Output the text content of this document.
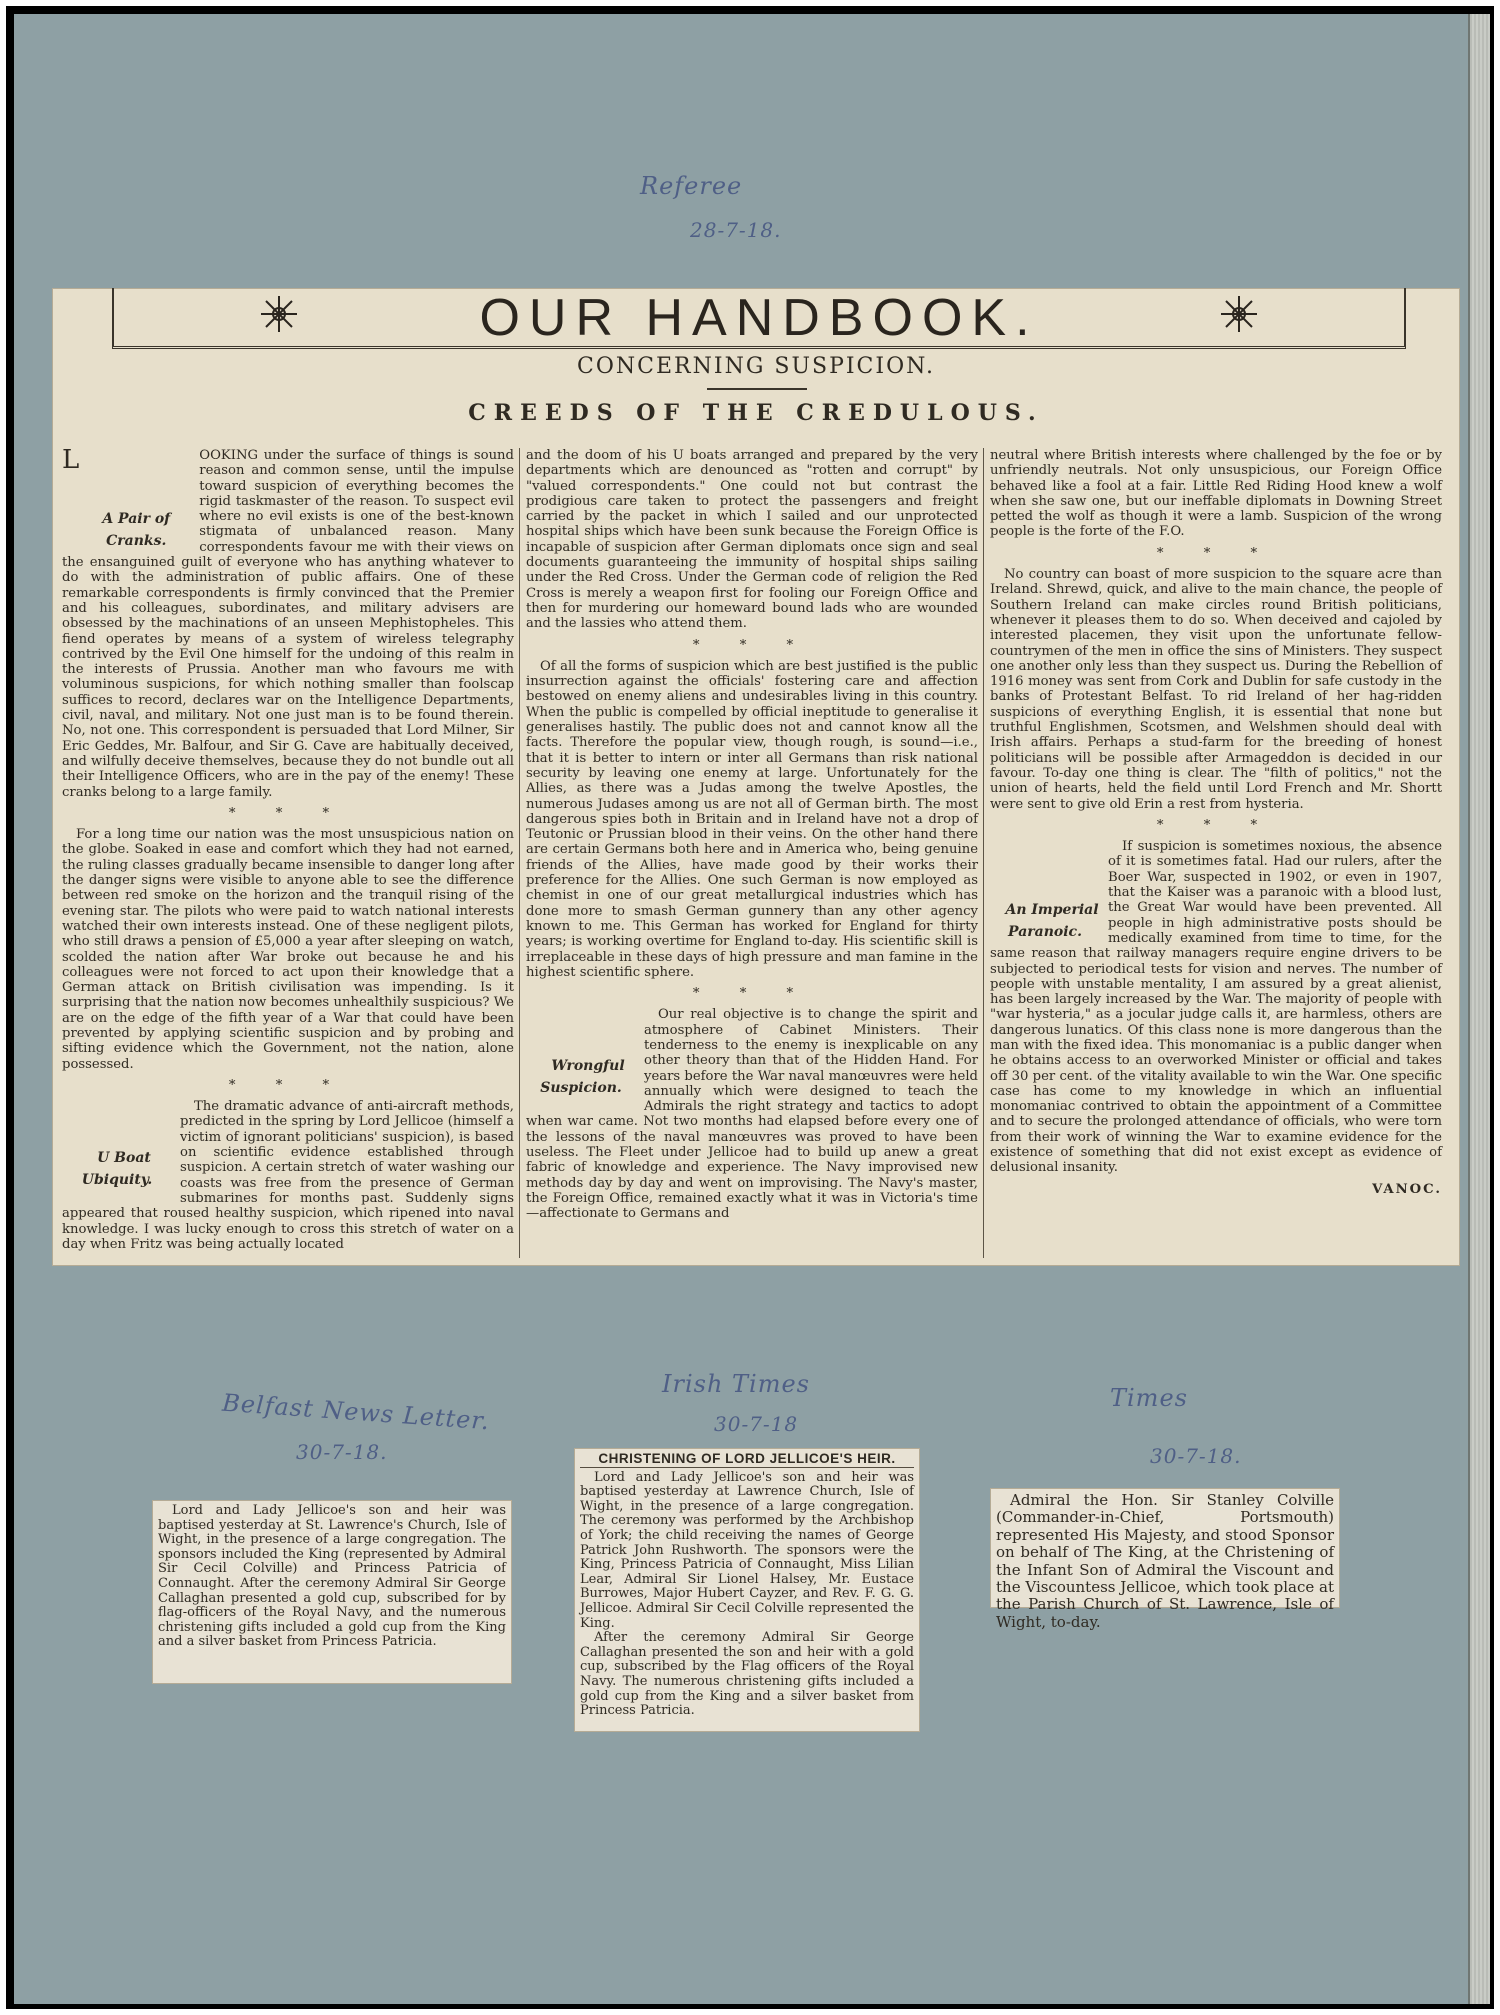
Referee
28-7-18.
Belfast News Letter.
30-7-18.
Irish Times
30-7-18
Times
30-7-18.
OUR HANDBOOK.
CONCERNING SUSPICION.
CREEDS OF THE CREDULOUS.

L
A Pair of Cranks.
OOKING under the surface of things is sound reason and common sense, until the impulse toward suspicion of everything becomes the rigid taskmaster of the reason. To suspect evil where no evil exists is one of the best-known stigmata of unbalanced reason. Many correspondents favour me with their views on the ensanguined guilt of everyone who has anything whatever to do with the administration of public affairs. One of these remarkable correspondents is firmly convinced that the Premier and his colleagues, subordinates, and military advisers are obsessed by the machinations of an unseen Mephistopheles. This fiend operates by means of a system of wireless telegraphy contrived by the Evil One himself for the undoing of this realm in the interests of Prussia. Another man who favours me with voluminous suspicions, for which nothing smaller than foolscap suffices to record, declares war on the Intelligence Departments, civil, naval, and military. Not one just man is to be found therein. No, not one. This correspondent is persuaded that Lord Milner, Sir Eric Geddes, Mr. Balfour, and Sir G. Cave are habitually deceived, and wilfully deceive themselves, because they do not bundle out all their Intelligence Officers, who are in the pay of the enemy! These cranks belong to a large family.

* * *

For a long time our nation was the most unsuspicious nation on the globe. Soaked in ease and comfort which they had not earned, the ruling classes gradually became insensible to danger long after the danger signs were visible to anyone able to see the difference between red smoke on the horizon and the tranquil rising of the evening star. The pilots who were paid to watch national interests watched their own interests instead. One of these negligent pilots, who still draws a pension of £5,000 a year after sleeping on watch, scolded the nation after War broke out because he and his colleagues were not forced to act upon their knowledge that a German attack on British civilisation was impending. Is it surprising that the nation now becomes unhealthily suspicious? We are on the edge of the fifth year of a War that could have been prevented by applying scientific suspicion and by probing and sifting evidence which the Government, not the nation, alone possessed.

* * *

U Boat Ubiquity.
The dramatic advance of anti-aircraft methods, predicted in the spring by Lord Jellicoe (himself a victim of ignorant politicians' suspicion), is based on scientific evidence established through suspicion. A certain stretch of water washing our coasts was free from the presence of German submarines for months past. Suddenly signs appeared that roused healthy suspicion, which ripened into naval knowledge. I was lucky enough to cross this stretch of water on a day when Fritz was being actually located

and the doom of his U boats arranged and prepared by the very departments which are denounced as "rotten and corrupt" by "valued correspondents." One could not but contrast the prodigious care taken to protect the passengers and freight carried by the packet in which I sailed and our unprotected hospital ships which have been sunk because the Foreign Office is incapable of suspicion after German diplomats once sign and seal documents guaranteeing the immunity of hospital ships sailing under the Red Cross. Under the German code of religion the Red Cross is merely a weapon first for fooling our Foreign Office and then for murdering our homeward bound lads who are wounded and the lassies who attend them.

* * *

Of all the forms of suspicion which are best justified is the public insurrection against the officials' fostering care and affection bestowed on enemy aliens and undesirables living in this country. When the public is compelled by official ineptitude to generalise it generalises hastily. The public does not and cannot know all the facts. Therefore the popular view, though rough, is sound—i.e., that it is better to intern or inter all Germans than risk national security by leaving one enemy at large. Unfortunately for the Allies, as there was a Judas among the twelve Apostles, the numerous Judases among us are not all of German birth. The most dangerous spies both in Britain and in Ireland have not a drop of Teutonic or Prussian blood in their veins. On the other hand there are certain Germans both here and in America who, being genuine friends of the Allies, have made good by their works their preference for the Allies. One such German is now employed as chemist in one of our great metallurgical industries which has done more to smash German gunnery than any other agency known to me. This German has worked for England for thirty years; is working overtime for England to-day. His scientific skill is irreplaceable in these days of high pressure and man famine in the highest scientific sphere.

* * *

Wrongful Suspicion.
Our real objective is to change the spirit and atmosphere of Cabinet Ministers. Their tenderness to the enemy is inexplicable on any other theory than that of the Hidden Hand. For years before the War naval manœuvres were held annually which were designed to teach the Admirals the right strategy and tactics to adopt when war came. Not two months had elapsed before every one of the lessons of the naval manœuvres was proved to have been useless. The Fleet under Jellicoe had to build up anew a great fabric of knowledge and experience. The Navy improvised new methods day by day and went on improvising. The Navy's master, the Foreign Office, remained exactly what it was in Victoria's time—affectionate to Germans and

neutral where British interests where challenged by the foe or by unfriendly neutrals. Not only unsuspicious, our Foreign Office behaved like a fool at a fair. Little Red Riding Hood knew a wolf when she saw one, but our ineffable diplomats in Downing Street petted the wolf as though it were a lamb. Suspicion of the wrong people is the forte of the F.O.

* * *

No country can boast of more suspicion to the square acre than Ireland. Shrewd, quick, and alive to the main chance, the people of Southern Ireland can make circles round British politicians, whenever it pleases them to do so. When deceived and cajoled by interested placemen, they visit upon the unfortunate fellow-countrymen of the men in office the sins of Ministers. They suspect one another only less than they suspect us. During the Rebellion of 1916 money was sent from Cork and Dublin for safe custody in the banks of Protestant Belfast. To rid Ireland of her hag-ridden suspicions of everything English, it is essential that none but truthful Englishmen, Scotsmen, and Welshmen should deal with Irish affairs. Perhaps a stud-farm for the breeding of honest politicians will be possible after Armageddon is decided in our favour. To-day one thing is clear. The "filth of politics," not the union of hearts, held the field until Lord French and Mr. Shortt were sent to give old Erin a rest from hysteria.

* * *

An Imperial Paranoic.
If suspicion is sometimes noxious, the absence of it is sometimes fatal. Had our rulers, after the Boer War, suspected in 1902, or even in 1907, that the Kaiser was a paranoic with a blood lust, the Great War would have been prevented. All people in high administrative posts should be medically examined from time to time, for the same reason that railway managers require engine drivers to be subjected to periodical tests for vision and nerves. The number of people with unstable mentality, I am assured by a great alienist, has been largely increased by the War. The majority of people with "war hysteria," as a jocular judge calls it, are harmless, others are dangerous lunatics. Of this class none is more dangerous than the man with the fixed idea. This monomaniac is a public danger when he obtains access to an overworked Minister or official and takes off 30 per cent. of the vitality available to win the War. One specific case has come to my knowledge in which an influential monomaniac contrived to obtain the appointment of a Committee and to secure the prolonged attendance of officials, who were torn from their work of winning the War to examine evidence for the existence of something that did not exist except as evidence of delusional insanity.

VANOC.

Lord and Lady Jellicoe's son and heir was baptised yesterday at St. Lawrence's Church, Isle of Wight, in the presence of a large congregation. The sponsors included the King (represented by Admiral Sir Cecil Colville) and Princess Patricia of Connaught. After the ceremony Admiral Sir George Callaghan presented a gold cup, subscribed for by flag-officers of the Royal Navy, and the numerous christening gifts included a gold cup from the King and a silver basket from Princess Patricia.

CHRISTENING OF LORD JELLICOE'S HEIR.

Lord and Lady Jellicoe's son and heir was baptised yesterday at Lawrence Church, Isle of Wight, in the presence of a large congregation. The ceremony was performed by the Archbishop of York; the child receiving the names of George Patrick John Rushworth. The sponsors were the King, Princess Patricia of Connaught, Miss Lilian Lear, Admiral Sir Lionel Halsey, Mr. Eustace Burrowes, Major Hubert Cayzer, and Rev. F. G. G. Jellicoe. Admiral Sir Cecil Colville represented the King.

After the ceremony Admiral Sir George Callaghan presented the son and heir with a gold cup, subscribed by the Flag officers of the Royal Navy. The numerous christening gifts included a gold cup from the King and a silver basket from Princess Patricia.

Admiral the Hon. Sir Stanley Colville (Commander-in-Chief, Portsmouth) represented His Majesty, and stood Sponsor on behalf of The King, at the Christening of the Infant Son of Admiral the Viscount and the Viscountess Jellicoe, which took place at the Parish Church of St. Lawrence, Isle of Wight, to-day.
